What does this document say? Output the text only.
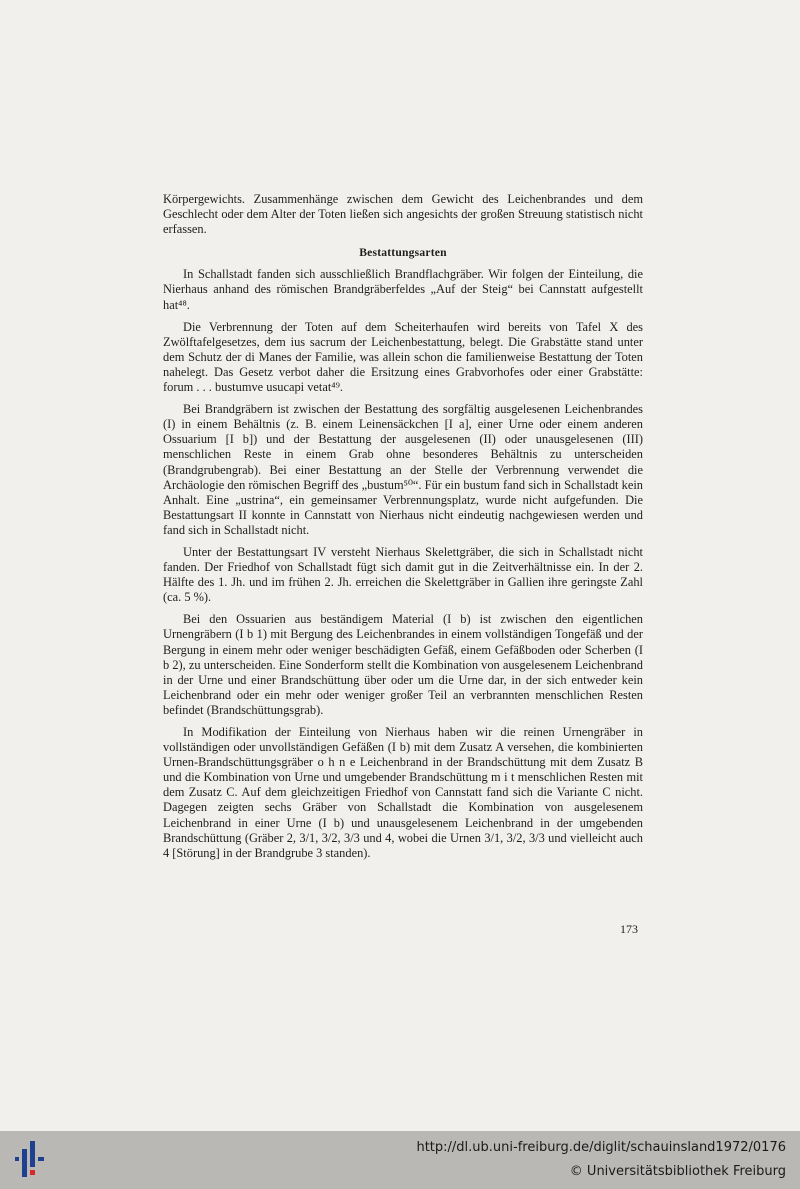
Körpergewichts. Zusammenhänge zwischen dem Gewicht des Leichenbrandes und dem Geschlecht oder dem Alter der Toten ließen sich angesichts der großen Streuung statistisch nicht erfassen.

Bestattungsarten

In Schallstadt fanden sich ausschließlich Brandflachgräber. Wir folgen der Einteilung, die Nierhaus anhand des römischen Brandgräberfeldes „Auf der Steig“ bei Cannstatt aufgestellt hat⁴⁸.

Die Verbrennung der Toten auf dem Scheiterhaufen wird bereits von Tafel X des Zwölftafelgesetzes, dem ius sacrum der Leichenbestattung, belegt. Die Grabstätte stand unter dem Schutz der di Manes der Familie, was allein schon die familienweise Bestattung der Toten nahelegt. Das Gesetz verbot daher die Ersitzung eines Grabvorhofes oder einer Grabstätte: forum . . . bustumve usucapi vetat⁴⁹.

Bei Brandgräbern ist zwischen der Bestattung des sorgfältig ausgelesenen Leichenbrandes (I) in einem Behältnis (z. B. einem Leinensäckchen [I a], einer Urne oder einem anderen Ossuarium [I b]) und der Bestattung der ausgelesenen (II) oder unausgelesenen (III) menschlichen Reste in einem Grab ohne besonderes Behältnis zu unterscheiden (Brandgrubengrab). Bei einer Bestattung an der Stelle der Verbrennung verwendet die Archäologie den römischen Begriff des „bustum⁵⁰“. Für ein bustum fand sich in Schallstadt kein Anhalt. Eine „ustrina“, ein gemeinsamer Verbrennungsplatz, wurde nicht aufgefunden. Die Bestattungsart II konnte in Cannstatt von Nierhaus nicht eindeutig nachgewiesen werden und fand sich in Schallstadt nicht.

Unter der Bestattungsart IV versteht Nierhaus Skelettgräber, die sich in Schallstadt nicht fanden. Der Friedhof von Schallstadt fügt sich damit gut in die Zeitverhältnisse ein. In der 2. Hälfte des 1. Jh. und im frühen 2. Jh. erreichen die Skelettgräber in Gallien ihre geringste Zahl (ca. 5 %).

Bei den Ossuarien aus beständigem Material (I b) ist zwischen den eigentlichen Urnengräbern (I b 1) mit Bergung des Leichenbrandes in einem vollständigen Tongefäß und der Bergung in einem mehr oder weniger beschädigten Gefäß, einem Gefäßboden oder Scherben (I b 2), zu unterscheiden. Eine Sonderform stellt die Kombination von ausgelesenem Leichenbrand in der Urne und einer Brandschüttung über oder um die Urne dar, in der sich entweder kein Leichenbrand oder ein mehr oder weniger großer Teil an verbrannten menschlichen Resten befindet (Brandschüttungsgrab).

In Modifikation der Einteilung von Nierhaus haben wir die reinen Urnengräber in vollständigen oder unvollständigen Gefäßen (I b) mit dem Zusatz A versehen, die kombinierten Urnen-Brandschüttungsgräber o h n e Leichenbrand in der Brandschüttung mit dem Zusatz B und die Kombination von Urne und umgebender Brandschüttung m i t menschlichen Resten mit dem Zusatz C. Auf dem gleichzeitigen Friedhof von Cannstatt fand sich die Variante C nicht. Dagegen zeigten sechs Gräber von Schallstadt die Kombination von ausgelesenem Leichenbrand in einer Urne (I b) und unausgelesenem Leichenbrand in der umgebenden Brandschüttung (Gräber 2, 3/1, 3/2, 3/3 und 4, wobei die Urnen 3/1, 3/2, 3/3 und vielleicht auch 4 [Störung] in der Brandgrube 3 standen).

173
http://dl.ub.uni-freiburg.de/diglit/schauinsland1972/0176
© Universitätsbibliothek Freiburg
